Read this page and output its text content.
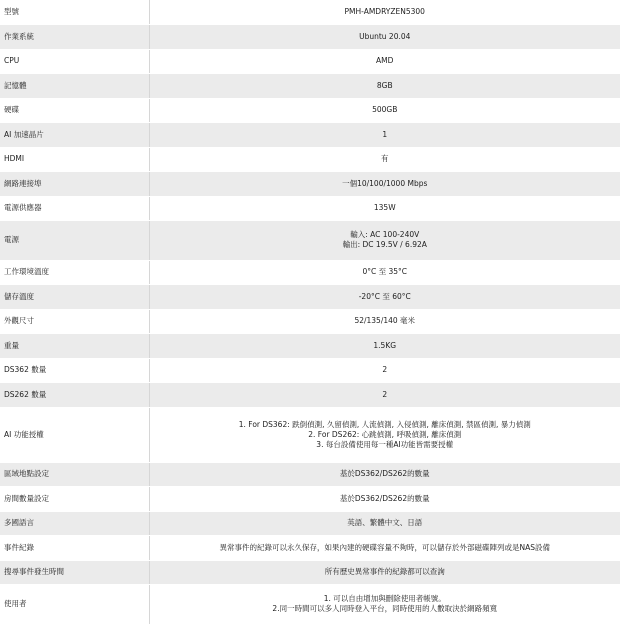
型號	PMH-AMDRYZEN5300

作業系統	Ubuntu 20.04

CPU	AMD

記憶體	8GB

硬碟	500GB

AI 加速晶片	1

HDMI	有

網路連接埠	一個10/100/1000 Mbps

電源供應器	135W

電源	輸入: AC 100-240V
輸出: DC 19.5V / 6.92A

工作環境溫度	0°C 至 35°C

儲存溫度	-20°C 至 60°C

外觀尺寸	52/135/140 毫米

重量	1.5KG

DS362 數量	2

DS262 數量	2

AI 功能授權	1. For DS362: 跌倒偵測, 久留偵測, 人流偵測, 入侵偵測, 離床偵測, 禁區偵測, 暴力偵測
2. For DS262: 心跳偵測, 呼吸偵測, 離床偵測
3. 每台設備使用每一種AI功能皆需要授權

區域地點設定	基於DS362/DS262的數量

房間數量設定	基於DS362/DS262的數量

多國語言	英語、繁體中文、日語

事件紀錄	異常事件的紀錄可以永久保存，如果內建的硬碟容量不夠時，可以儲存於外部磁碟陣列或是NAS設備

搜尋事件發生時間	所有歷史異常事件的紀錄都可以查詢

使用者	1. 可以自由增加與刪除使用者帳號。
2.同一時間可以多人同時登入平台，同時使用的人數取決於網路頻寬
